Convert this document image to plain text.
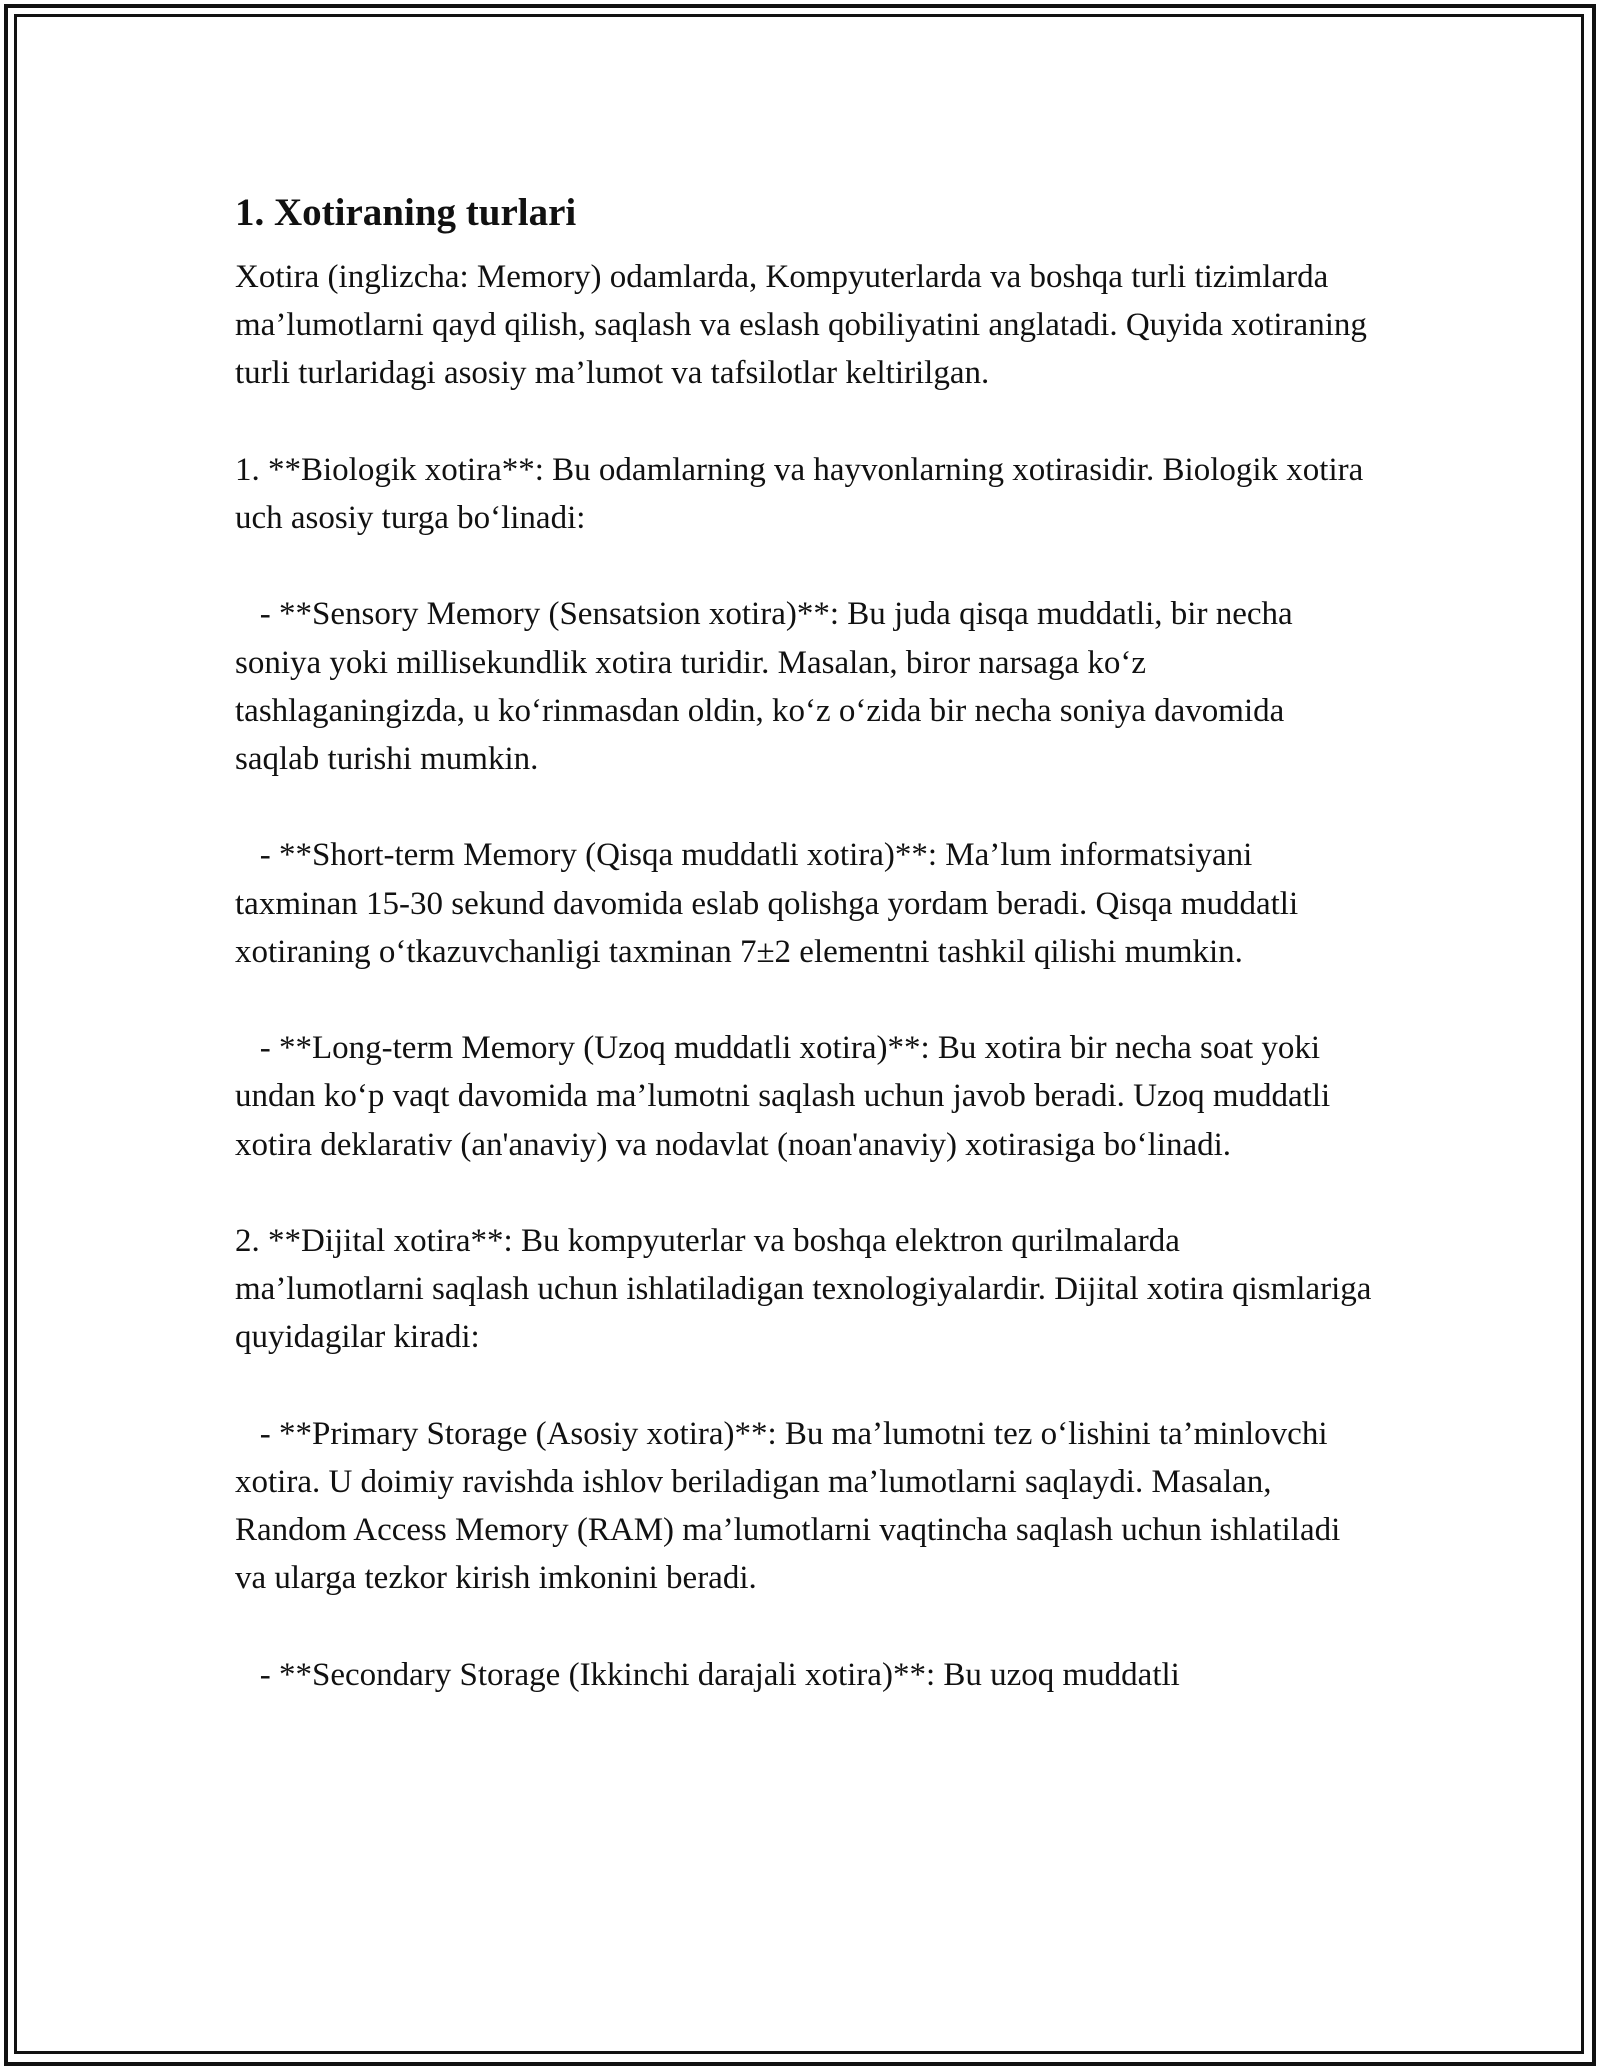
1. Xotiraning turlari

Xotira (inglizcha: Memory) odamlarda, Kompyuterlarda va boshqa turli tizimlarda ma’lumotlarni qayd qilish, saqlash va eslash qobiliyatini anglatadi. Quyida xotiraning turli turlaridagi asosiy ma’lumot va tafsilotlar keltirilgan.

1. **Biologik xotira**: Bu odamlarning va hayvonlarning xotirasidir. Biologik xotira uch asosiy turga bo‘linadi:

- **Sensory Memory (Sensatsion xotira)**: Bu juda qisqa muddatli, bir necha soniya yoki millisekundlik xotira turidir. Masalan, biror narsaga ko‘z tashlaganingizda, u ko‘rinmasdan oldin, ko‘z o‘zida bir necha soniya davomida saqlab turishi mumkin.

- **Short-term Memory (Qisqa muddatli xotira)**: Ma’lum informatsiyani taxminan 15-30 sekund davomida eslab qolishga yordam beradi. Qisqa muddatli xotiraning o‘tkazuvchanligi taxminan 7±2 elementni tashkil qilishi mumkin.

- **Long-term Memory (Uzoq muddatli xotira)**: Bu xotira bir necha soat yoki undan ko‘p vaqt davomida ma’lumotni saqlash uchun javob beradi. Uzoq muddatli xotira deklarativ (an'anaviy) va nodavlat (noan'anaviy) xotirasiga bo‘linadi.

2. **Dijital xotira**: Bu kompyuterlar va boshqa elektron qurilmalarda ma’lumotlarni saqlash uchun ishlatiladigan texnologiyalardir. Dijital xotira qismlariga quyidagilar kiradi:

- **Primary Storage (Asosiy xotira)**: Bu ma’lumotni tez o‘lishini ta’minlovchi xotira. U doimiy ravishda ishlov beriladigan ma’lumotlarni saqlaydi. Masalan, Random Access Memory (RAM) ma’lumotlarni vaqtincha saqlash uchun ishlatiladi va ularga tezkor kirish imkonini beradi.

- **Secondary Storage (Ikkinchi darajali xotira)**: Bu uzoq muddatli
